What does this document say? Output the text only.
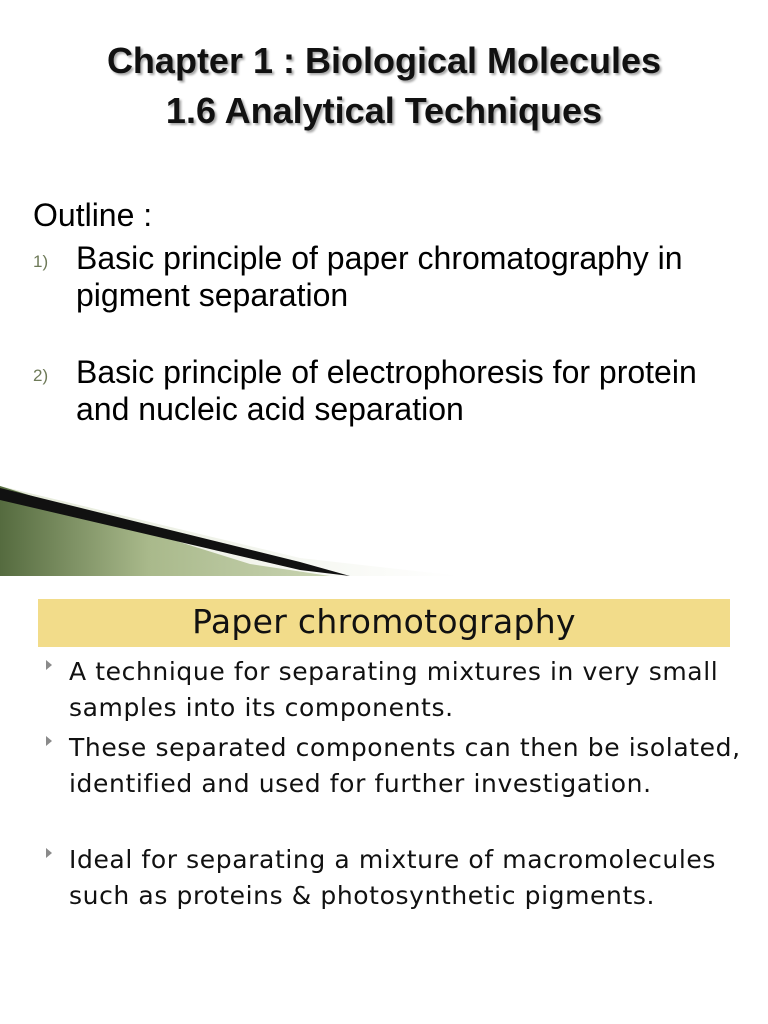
Chapter 1 : Biological Molecules
1.6 Analytical Techniques
Outline :
1) Basic principle of paper chromatography in pigment separation
2) Basic principle of electrophoresis for protein and nucleic acid separation
Paper chromotography
A technique for separating mixtures in very small samples into its components.
These separated components can then be isolated, identified and used for further investigation.
Ideal for separating a mixture of macromolecules such as proteins & photosynthetic pigments.
